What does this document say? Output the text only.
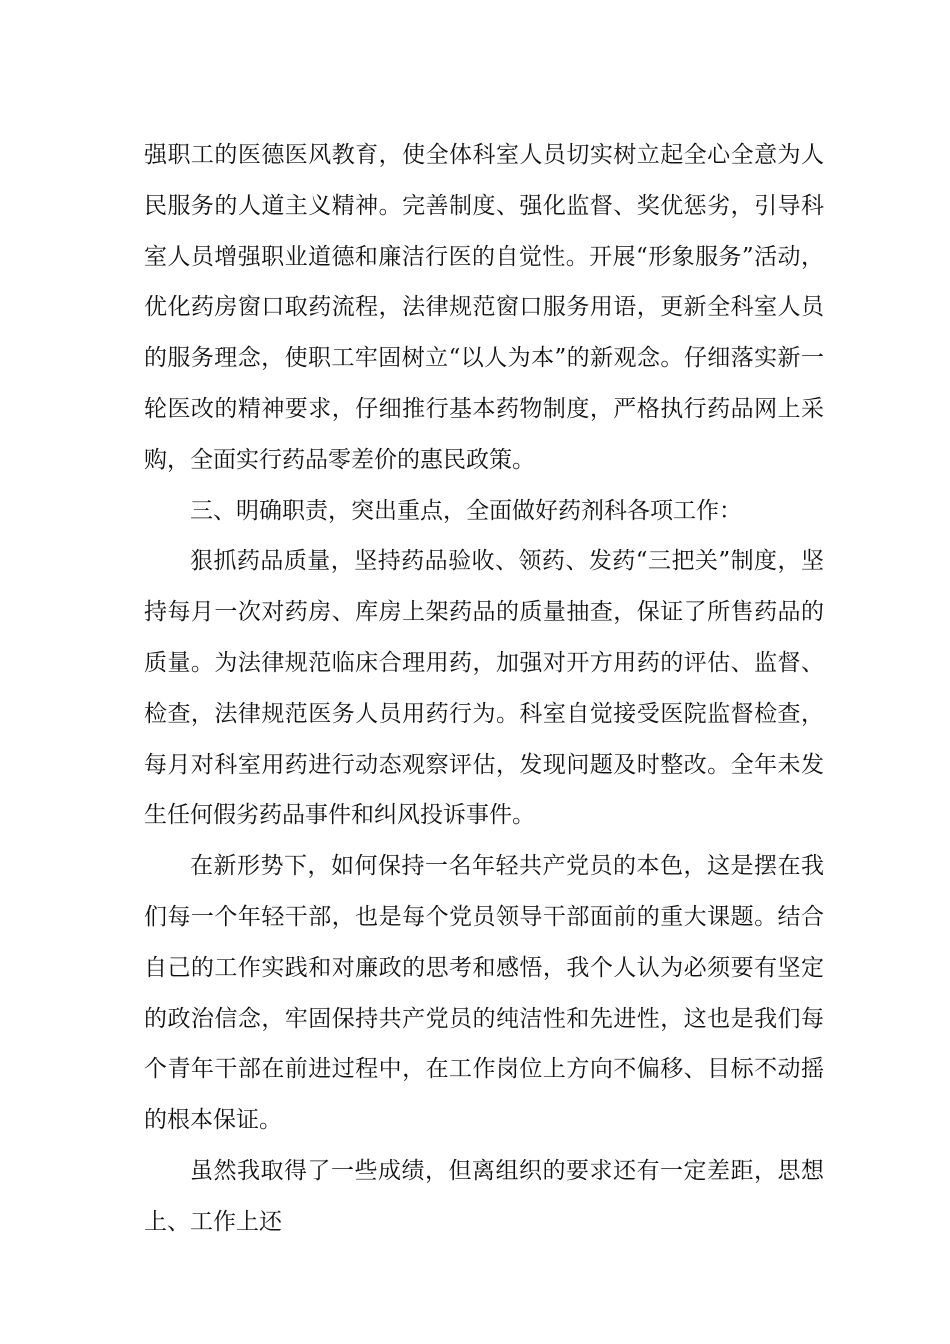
强职工的医德医风教育，使全体科室人员切实树立起全心全意为人民服务的人道主义精神。完善制度、强化监督、奖优惩劣，引导科室人员增强职业道德和廉洁行医的自觉性。开展“形象服务”活动，优化药房窗口取药流程，法律规范窗口服务用语，更新全科室人员的服务理念，使职工牢固树立“以人为本”的新观念。仔细落实新一轮医改的精神要求，仔细推行基本药物制度，严格执行药品网上采购，全面实行药品零差价的惠民政策。

三、明确职责，突出重点，全面做好药剂科各项工作：

狠抓药品质量，坚持药品验收、领药、发药“三把关”制度，坚持每月一次对药房、库房上架药品的质量抽查，保证了所售药品的质量。为法律规范临床合理用药，加强对开方用药的评估、监督、检查，法律规范医务人员用药行为。科室自觉接受医院监督检查，每月对科室用药进行动态观察评估，发现问题及时整改。全年未发生任何假劣药品事件和纠风投诉事件。

在新形势下，如何保持一名年轻共产党员的本色，这是摆在我们每一个年轻干部，也是每个党员领导干部面前的重大课题。结合自己的工作实践和对廉政的思考和感悟，我个人认为必须要有坚定的政治信念，牢固保持共产党员的纯洁性和先进性，这也是我们每个青年干部在前进过程中，在工作岗位上方向不偏移、目标不动摇的根本保证。

虽然我取得了一些成绩，但离组织的要求还有一定差距，思想上、工作上还
